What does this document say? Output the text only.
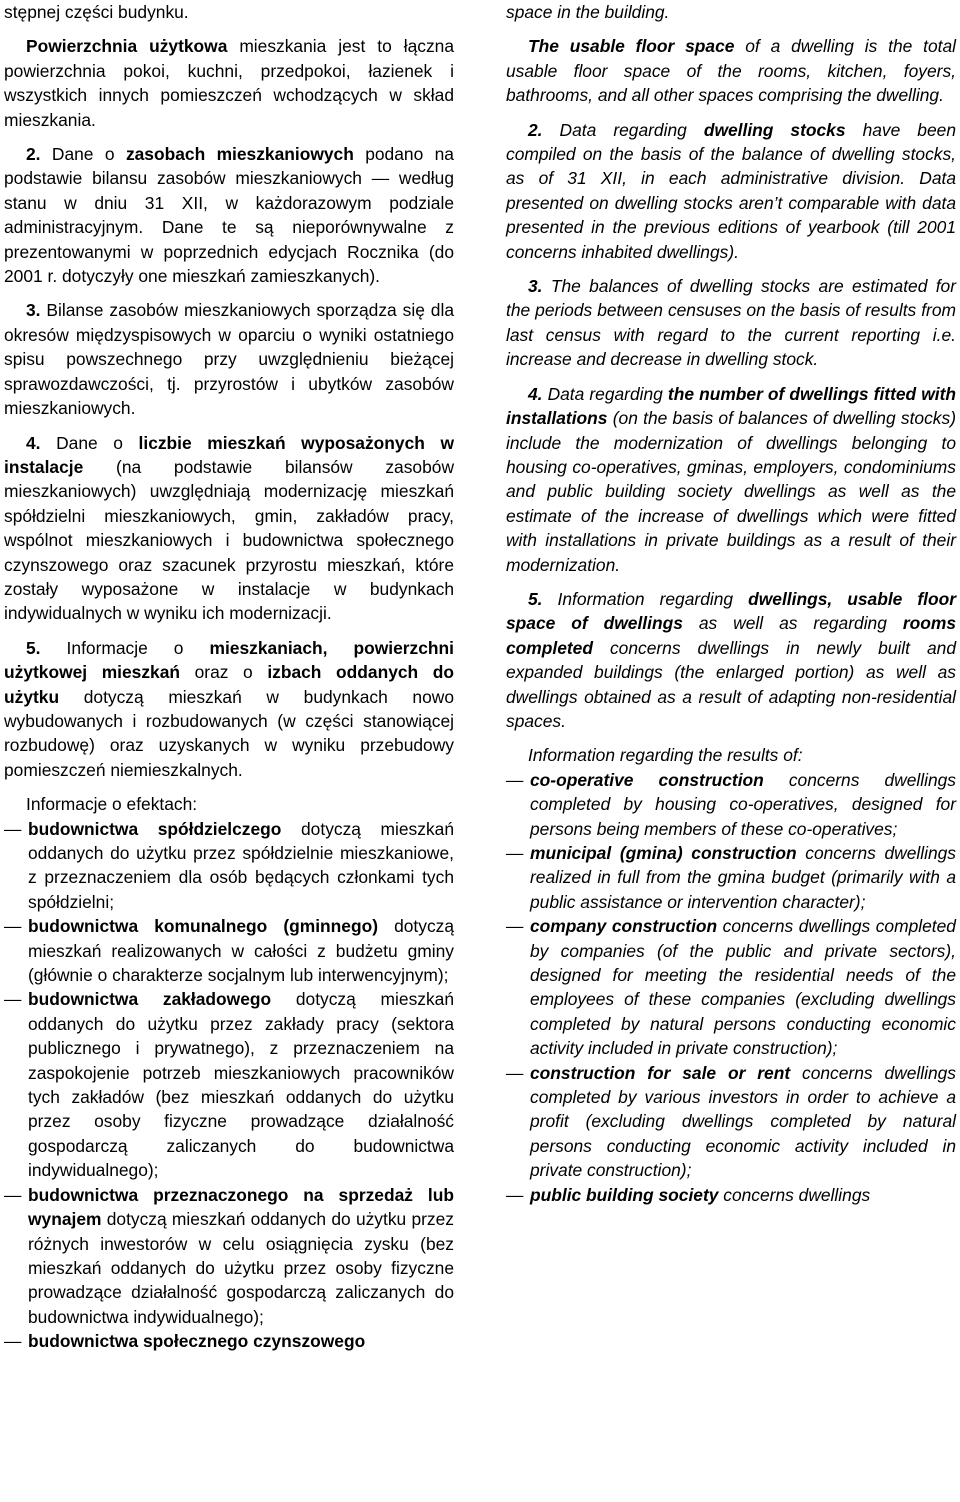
stępnej części budynku.

Powierzchnia użytkowa mieszkania jest to łączna powierzchnia pokoi, kuchni, przedpokoi, łazienek i wszystkich innych pomieszczeń wchodzących w skład mieszkania.

2. Dane o zasobach mieszkaniowych podano na podstawie bilansu zasobów mieszkaniowych — według stanu w dniu 31 XII, w każdorazowym podziale administracyjnym. Dane te są nieporównywalne z prezentowanymi w poprzednich edycjach Rocznika (do 2001 r. dotyczyły one mieszkań zamieszkanych).

3. Bilanse zasobów mieszkaniowych sporządza się dla okresów międzyspisowych w oparciu o wyniki ostatniego spisu powszechnego przy uwzględnieniu bieżącej sprawozdawczości, tj. przyrostów i ubytków zasobów mieszkaniowych.

4. Dane o liczbie mieszkań wyposażonych w instalacje (na podstawie bilansów zasobów mieszkaniowych) uwzględniają modernizację mieszkań spółdzielni mieszkaniowych, gmin, zakładów pracy, wspólnot mieszkaniowych i budownictwa społecznego czynszowego oraz szacunek przyrostu mieszkań, które zostały wyposażone w instalacje w budynkach indywidualnych w wyniku ich modernizacji.

5. Informacje o mieszkaniach, powierzchni użytkowej mieszkań oraz o izbach oddanych do użytku dotyczą mieszkań w budynkach nowo wybudowanych i rozbudowanych (w części stanowiącej rozbudowę) oraz uzyskanych w wyniku przebudowy pomieszczeń niemieszkalnych.

Informacje o efektach:

— budownictwa spółdzielczego dotyczą mieszkań oddanych do użytku przez spółdzielnie mieszkaniowe, z przeznaczeniem dla osób będących członkami tych spółdzielni;
— budownictwa komunalnego (gminnego) dotyczą mieszkań realizowanych w całości z budżetu gminy (głównie o charakterze socjalnym lub interwencyjnym);
— budownictwa zakładowego dotyczą mieszkań oddanych do użytku przez zakłady pracy (sektora publicznego i prywatnego), z przeznaczeniem na zaspokojenie potrzeb mieszkaniowych pracowników tych zakładów (bez mieszkań oddanych do użytku przez osoby fizyczne prowadzące działalność gospodarczą zaliczanych do budownictwa indywidualnego);
— budownictwa przeznaczonego na sprzedaż lub wynajem dotyczą mieszkań oddanych do użytku przez różnych inwestorów w celu osiągnięcia zysku (bez mieszkań oddanych do użytku przez osoby fizyczne prowadzące działalność gospodarczą zaliczanych do budownictwa indywidualnego);
— budownictwa społecznego czynszowego

space in the building.

The usable floor space of a dwelling is the total usable floor space of the rooms, kitchen, foyers, bathrooms, and all other spaces comprising the dwelling.

2. Data regarding dwelling stocks have been compiled on the basis of the balance of dwelling stocks, as of 31 XII, in each administrative division. Data presented on dwelling stocks aren’t comparable with data presented in the previous editions of yearbook (till 2001 concerns inhabited dwellings).

3. The balances of dwelling stocks are estimated for the periods between censuses on the basis of results from last census with regard to the current reporting i.e. increase and decrease in dwelling stock.

4. Data regarding the number of dwellings fitted with installations (on the basis of balances of dwelling stocks) include the modernization of dwellings belonging to housing co-operatives, gminas, employers, condominiums and public building society dwellings as well as the estimate of the increase of dwellings which were fitted with installations in private buildings as a result of their modernization.

5. Information regarding dwellings, usable floor space of dwellings as well as regarding rooms completed concerns dwellings in newly built and expanded buildings (the enlarged portion) as well as dwellings obtained as a result of adapting non-residential spaces.

Information regarding the results of:

— co-operative construction concerns dwellings completed by housing co-operatives, designed for persons being members of these co-operatives;
— municipal (gmina) construction concerns dwellings realized in full from the gmina budget (primarily with a public assistance or intervention character);
— company construction concerns dwellings completed by companies (of the public and private sectors), designed for meeting the residential needs of the employees of these companies (excluding dwellings completed by natural persons conducting economic activity included in private construction);
— construction for sale or rent concerns dwellings completed by various investors in order to achieve a profit (excluding dwellings completed by natural persons conducting economic activity included in private construction);
— public building society concerns dwellings
